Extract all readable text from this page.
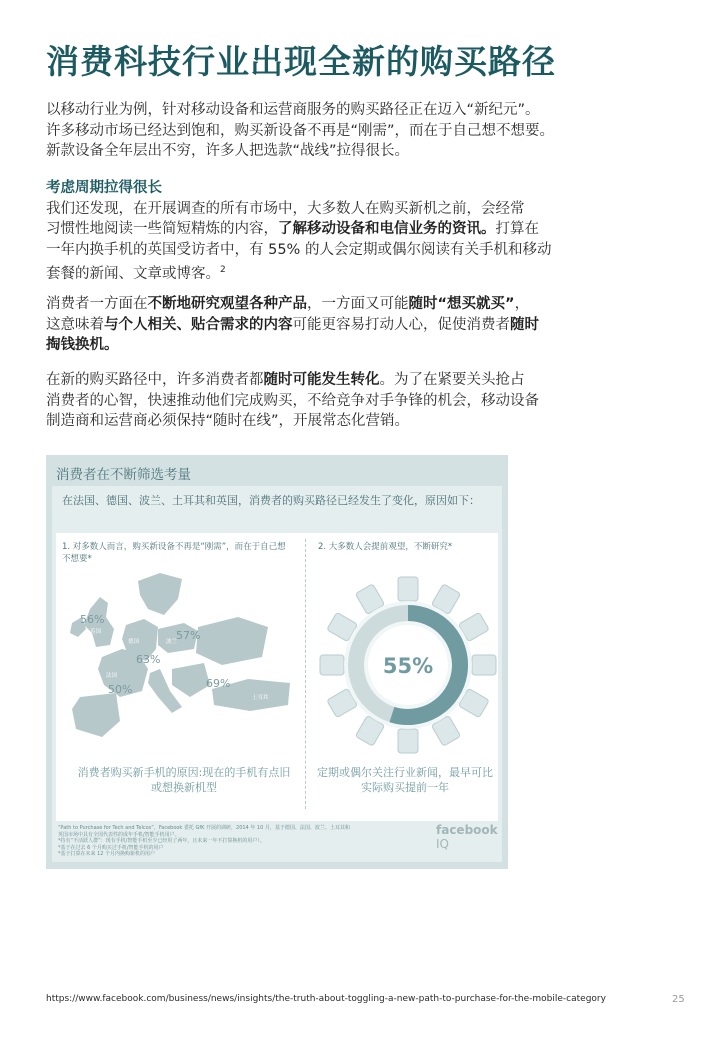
消费科技行业出现全新的购买路径

以移动行业为例，针对移动设备和运营商服务的购买路径正在迈入“新纪元”。
许多移动市场已经达到饱和，购买新设备不再是“刚需”，而在于自己想不想要。
新款设备全年层出不穷，许多人把选款“战线”拉得很长。

考虑周期拉得很长
我们还发现，在开展调查的所有市场中，大多数人在购买新机之前，会经常
习惯性地阅读一些简短精炼的内容，了解移动设备和电信业务的资讯。打算在
一年内换手机的英国受访者中，有 55% 的人会定期或偶尔阅读有关手机和移动
套餐的新闻、文章或博客。$^2$

消费者一方面在不断地研究观望各种产品，一方面又可能随时“想买就买”，
这意味着与个人相关、贴合需求的内容可能更容易打动人心，促使消费者随时
掏钱换机。

在新的购买路径中，许多消费者都随时可能发生转化。为了在紧要关头抢占
消费者的心智，快速推动他们完成购买，不给竞争对手争锋的机会，移动设备
制造商和运营商必须保持“随时在线”，开展常态化营销。

消费者在不断筛选考量
在法国、德国、波兰、土耳其和英国，消费者的购买路径已经发生了变化，原因如下：
1. 对多数人而言，购买新设备不再是“刚需”，而在于自己想不想要*
2. 大多数人会提前观望，不断研究*
56%
57%
63%
69%
50%
英国
德国	波兰
法国
土耳其
55%
消费者购买新手机的原因:现在的手机有点旧或想换新机型
定期或偶尔关注行业新闻，最早可比实际购买提前一年
“Path to Purchase for Tech and Telcos”，Facebook 委托 GfK 开展的调研，2014 年 10 月，基于德国、法国、波兰、土耳其和
英国市场中具有全国代表性的成年手机/智能手机用户。
*持有“不活跃人群”：现有手机/智能手机至少已经用了两年，且未来一年不打算换机的用户）。
*基于在过去 6 个月购买过手机/智能手机的用户
*基于打算在未来 12 个月内换购新机的用户
facebook IQ

https://www.facebook.com/business/news/insights/the-truth-about-toggling-a-new-path-to-purchase-for-the-mobile-category	25
